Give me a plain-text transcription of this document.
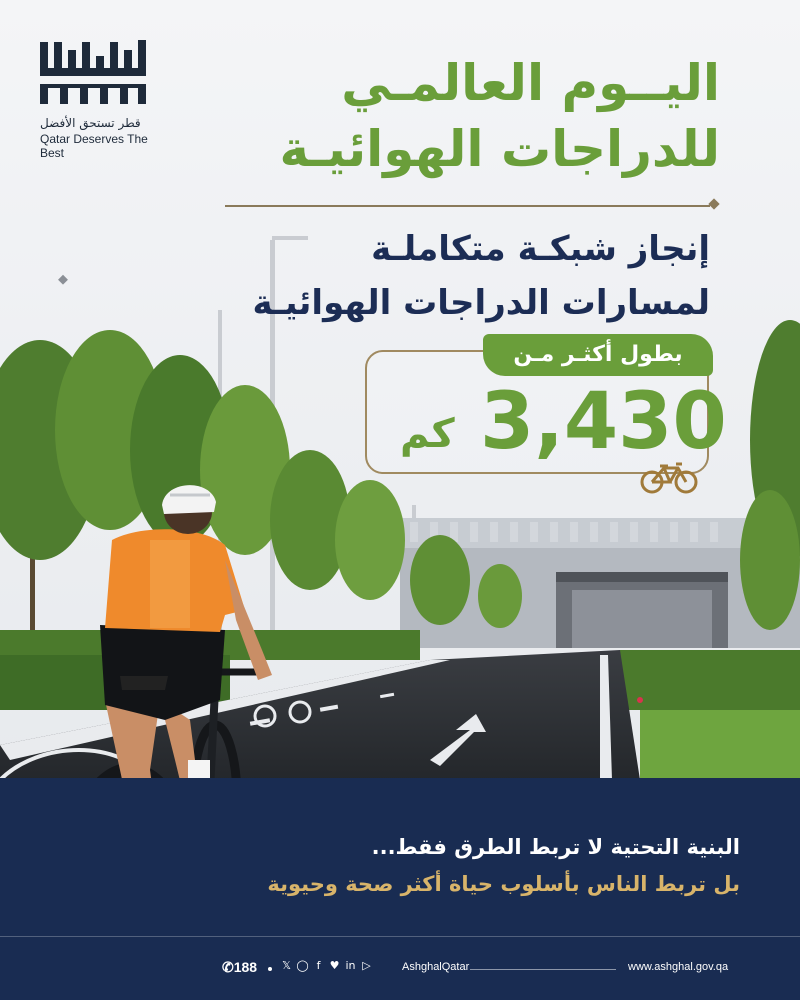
قطر تستحق الأفضل
Qatar Deserves The Best

اليــوم العالمـي

للدراجات الهوائيـة

إنجاز شبكـة متكاملـة

لمسارات الدراجات الهوائيـة

بطول أكثـر مـن
3,430
كم
البنية التحتية لا تربط الطرق فقط...
بل تربط الناس بأسلوب حياة أكثر صحة وحيوية
✆188 𝕏 ◯ f ♥ in ▷	AshghalQatar	www.ashghal.gov.qa
